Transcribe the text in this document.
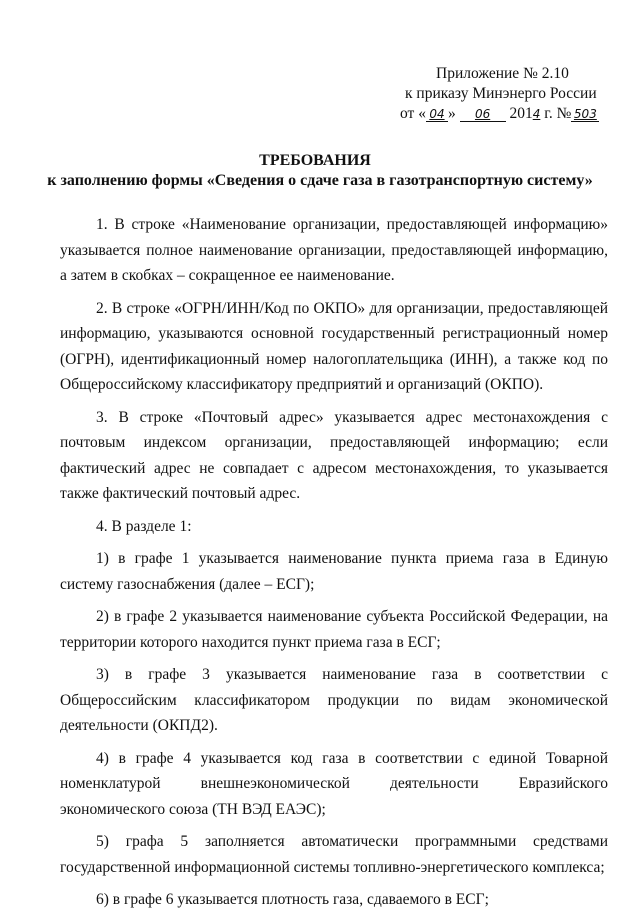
Приложение № 2.10
к приказу Минэнерго России
от « 04 » 06 2014 г. № 503
ТРЕБОВАНИЯ
к заполнению формы «Сведения о сдаче газа в газотранспортную систему»

1. В строке «Наименование организации, предоставляющей информацию» указывается полное наименование организации, предоставляющей информацию, а затем в скобках – сокращенное ее наименование.

2. В строке «ОГРН/ИНН/Код по ОКПО» для организации, предоставляющей информацию, указываются основной государственный регистрационный номер (ОГРН), идентификационный номер налогоплательщика (ИНН), а также код по Общероссийскому классификатору предприятий и организаций (ОКПО).

3. В строке «Почтовый адрес» указывается адрес местонахождения с почтовым индексом организации, предоставляющей информацию; если фактический адрес не совпадает с адресом местонахождения, то указывается также фактический почтовый адрес.

4. В разделе 1:

1) в графе 1 указывается наименование пункта приема газа в Единую систему газоснабжения (далее – ЕСГ);

2) в графе 2 указывается наименование субъекта Российской Федерации, на территории которого находится пункт приема газа в ЕСГ;

3) в графе 3 указывается наименование газа в соответствии с Общероссийским классификатором продукции по видам экономической деятельности (ОКПД2).

4) в графе 4 указывается код газа в соответствии с единой Товарной номенклатурой внешнеэкономической деятельности Евразийского экономического союза (ТН ВЭД ЕАЭС);

5) графа 5 заполняется автоматически программными средствами государственной информационной системы топливно-энергетического комплекса;

6) в графе 6 указывается плотность газа, сдаваемого в ЕСГ;
